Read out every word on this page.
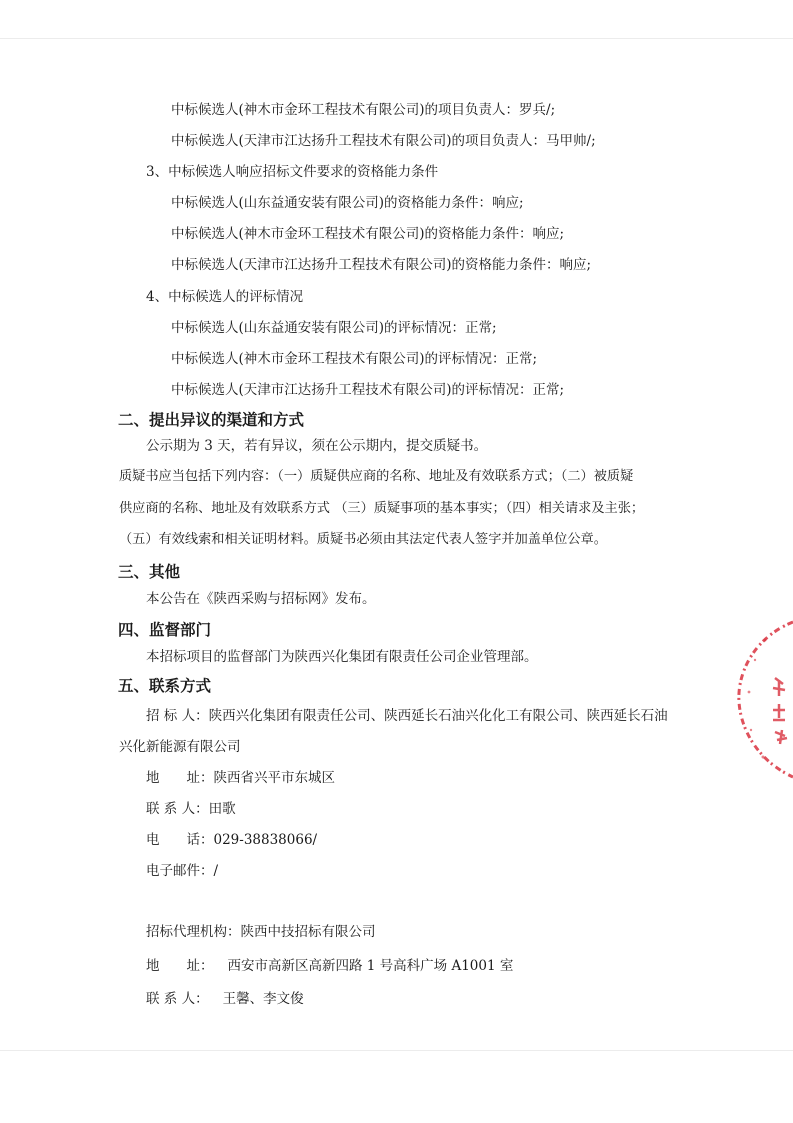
中标候选人(神木市金环工程技术有限公司)的项目负责人：罗兵/;
中标候选人(天津市江达扬升工程技术有限公司)的项目负责人：马甲帅/;
3、中标候选人响应招标文件要求的资格能力条件
中标候选人(山东益通安装有限公司)的资格能力条件：响应;
中标候选人(神木市金环工程技术有限公司)的资格能力条件：响应;
中标候选人(天津市江达扬升工程技术有限公司)的资格能力条件：响应;
4、中标候选人的评标情况
中标候选人(山东益通安装有限公司)的评标情况：正常;
中标候选人(神木市金环工程技术有限公司)的评标情况：正常;
中标候选人(天津市江达扬升工程技术有限公司)的评标情况：正常;
二、提出异议的渠道和方式
公示期为 3 天，若有异议，须在公示期内，提交质疑书。
质疑书应当包括下列内容：（一）质疑供应商的名称、地址及有效联系方式；（二）被质疑
供应商的名称、地址及有效联系方式 （三）质疑事项的基本事实；（四）相关请求及主张；
（五）有效线索和相关证明材料。质疑书必须由其法定代表人签字并加盖单位公章。
三、其他
本公告在《陕西采购与招标网》发布。
四、监督部门
本招标项目的监督部门为陕西兴化集团有限责任公司企业管理部。
五、联系方式
招 标 人：陕西兴化集团有限责任公司、陕西延长石油兴化化工有限公司、陕西延长石油
兴化新能源有限公司
地　　址：陕西省兴平市东城区
联 系 人：田歌
电　　话：029-38838066/
电子邮件：/
招标代理机构：陕西中技招标有限公司
地　　址： 西安市高新区高新四路 1 号高科广场 A1001 室
联 系 人： 王馨、李文俊
